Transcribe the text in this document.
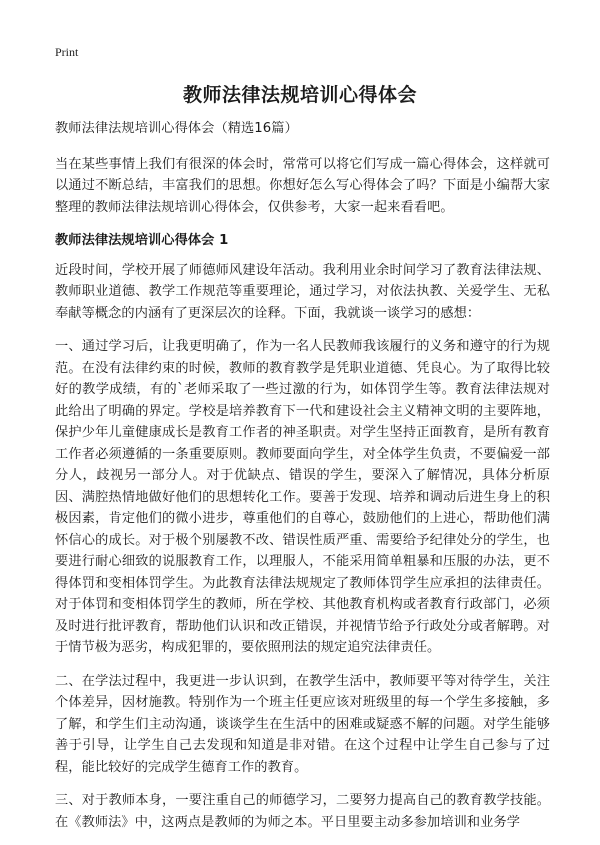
Print
教师法律法规培训心得体会

教师法律法规培训心得体会（精选16篇）

当在某些事情上我们有很深的体会时，常常可以将它们写成一篇心得体会，这样就可以通过不断总结，丰富我们的思想。你想好怎么写心得体会了吗？下面是小编帮大家整理的教师法律法规培训心得体会，仅供参考，大家一起来看看吧。

教师法律法规培训心得体会 1

近段时间，学校开展了师德师风建设年活动。我利用业余时间学习了教育法律法规、教师职业道德、教学工作规范等重要理论，通过学习，对依法执教、关爱学生、无私奉献等概念的内涵有了更深层次的诠释。下面，我就谈一谈学习的感想：

一、通过学习后，让我更明确了，作为一名人民教师我该履行的义务和遵守的行为规范。在没有法律约束的时候，教师的教育教学是凭职业道德、凭良心。为了取得比较好的教学成绩，有的`老师采取了一些过激的行为，如体罚学生等。教育法律法规对此给出了明确的界定。学校是培养教育下一代和建设社会主义精神文明的主要阵地，保护少年儿童健康成长是教育工作者的神圣职责。对学生坚持正面教育，是所有教育工作者必须遵循的一条重要原则。教师要面向学生，对全体学生负责，不要偏爱一部分人，歧视另一部分人。对于优缺点、错误的学生，要深入了解情况，具体分析原因、满腔热情地做好他们的思想转化工作。要善于发现、培养和调动后进生身上的积极因素，肯定他们的微小进步，尊重他们的自尊心，鼓励他们的上进心，帮助他们满怀信心的成长。对于极个别屡教不改、错误性质严重、需要给予纪律处分的学生，也要进行耐心细致的说服教育工作，以理服人，不能采用简单粗暴和压服的办法，更不得体罚和变相体罚学生。为此教育法律法规规定了教师体罚学生应承担的法律责任。对于体罚和变相体罚学生的教师，所在学校、其他教育机构或者教育行政部门，必须及时进行批评教育，帮助他们认识和改正错误，并视情节给予行政处分或者解聘。对于情节极为恶劣，构成犯罪的，要依照刑法的规定追究法律责任。

二、在学法过程中，我更进一步认识到，在教学生活中，教师要平等对待学生，关注个体差异，因材施教。特别作为一个班主任更应该对班级里的每一个学生多接触，多了解，和学生们主动沟通，谈谈学生在生活中的困难或疑惑不解的问题。对学生能够善于引导，让学生自己去发现和知道是非对错。在这个过程中让学生自己参与了过程，能比较好的完成学生德育工作的教育。

三、对于教师本身，一要注重自己的师德学习，二要努力提高自己的教育教学技能。在《教师法》中，这两点是教师的为师之本。平日里要主动多参加培训和业务学
